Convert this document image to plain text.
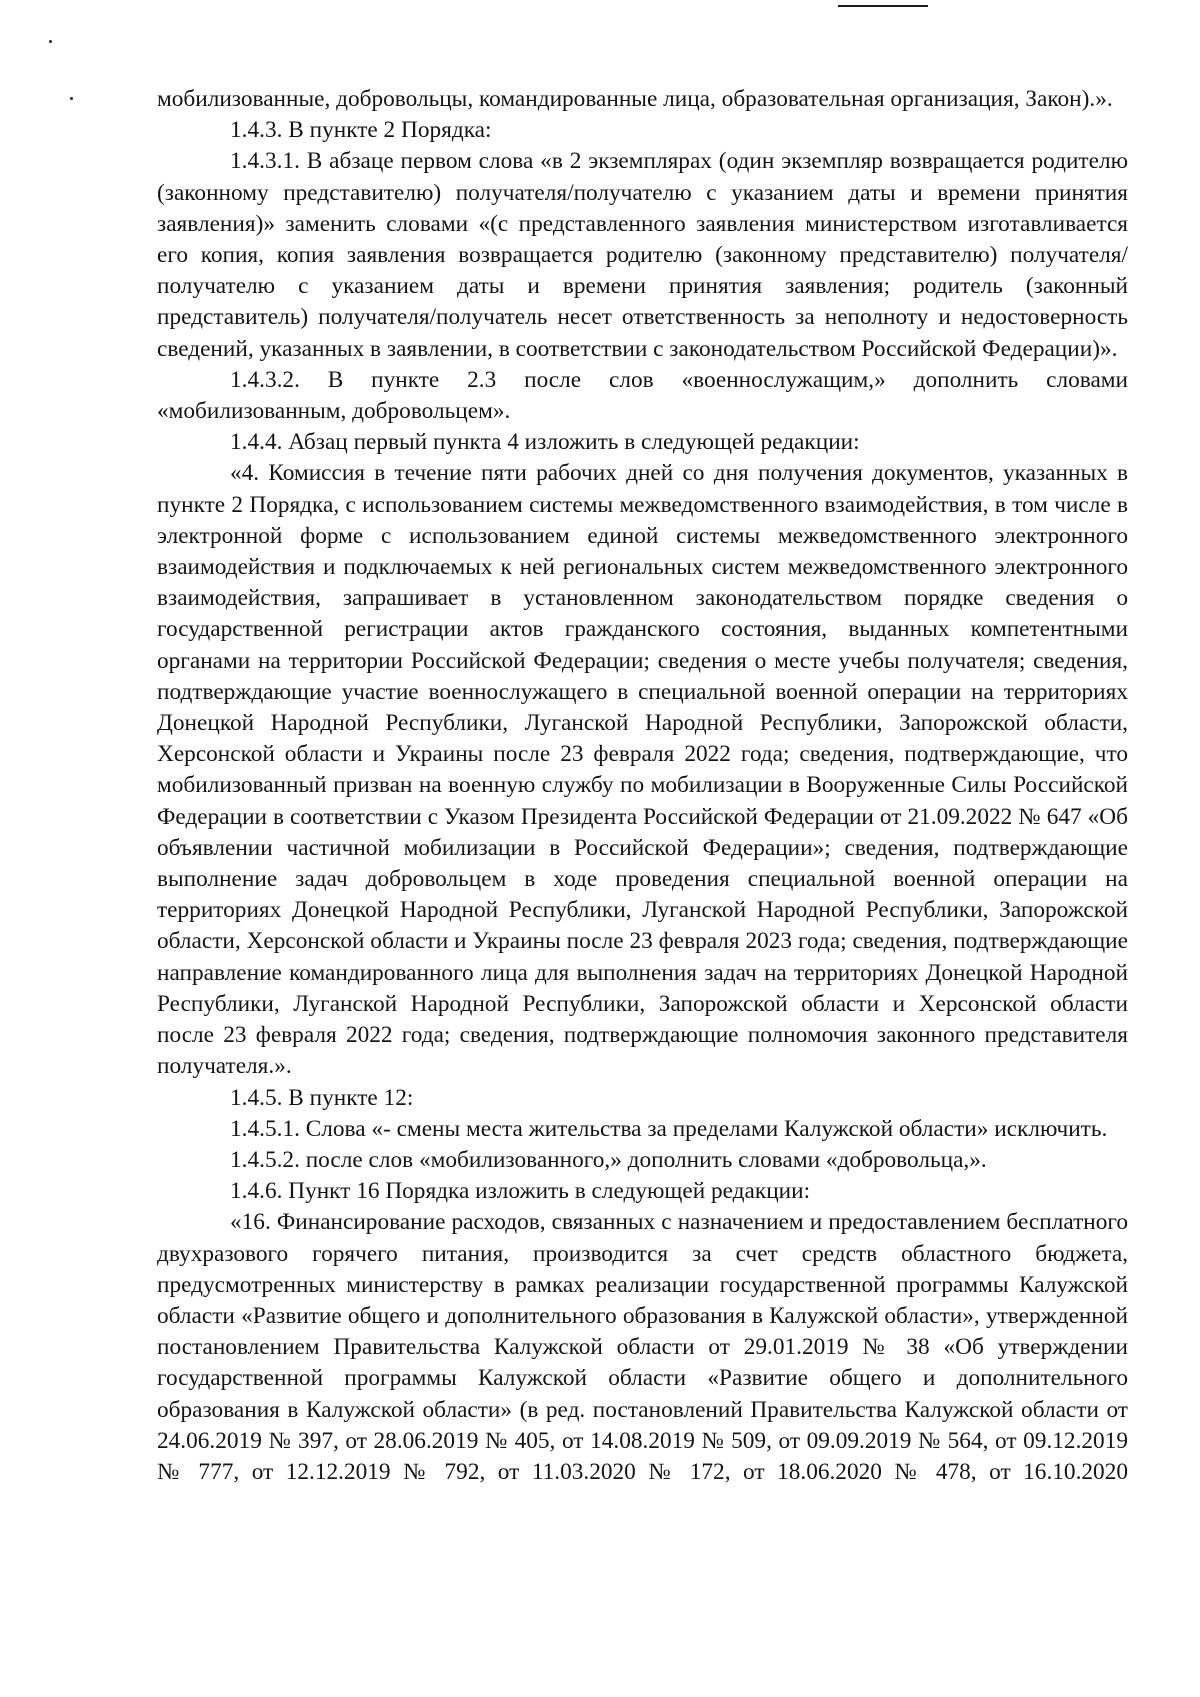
мобилизованные, добровольцы, командированные лица, образовательная организация, Закон).».

1.4.3. В пункте 2 Порядка:

1.4.3.1. В абзаце первом слова «в 2 экземплярах (один экземпляр возвращается родителю (законному представителю) получателя/получателю с указанием даты и времени принятия заявления)» заменить словами «(с представленного заявления министерством изготавливается его копия, копия заявления возвращается родителю (законному представителю) получателя/получателю с указанием даты и времени принятия заявления; родитель (законный представитель) получателя/получатель несет ответственность за неполноту и недостоверность сведений, указанных в заявлении, в соответствии с законодательством Российской Федерации)».

1.4.3.2. В пункте 2.3 после слов «военнослужащим,» дополнить словами «мобилизованным, добровольцем».

1.4.4. Абзац первый пункта 4 изложить в следующей редакции:

«4. Комиссия в течение пяти рабочих дней со дня получения документов, указанных в пункте 2 Порядка, с использованием системы межведомственного взаимодействия, в том числе в электронной форме с использованием единой системы межведомственного электронного взаимодействия и подключаемых к ней региональных систем межведомственного электронного взаимодействия, запрашивает в установленном законодательством порядке сведения о государственной регистрации актов гражданского состояния, выданных компетентными органами на территории Российской Федерации; сведения о месте учебы получателя; сведения, подтверждающие участие военнослужащего в специальной военной операции на территориях Донецкой Народной Республики, Луганской Народной Республики, Запорожской области, Херсонской области и Украины после 23 февраля 2022 года; сведения, подтверждающие, что мобилизованный призван на военную службу по мобилизации в Вооруженные Силы Российской Федерации в соответствии с Указом Президента Российской Федерации от 21.09.2022 № 647 «Об объявлении частичной мобилизации в Российской Федерации»; сведения, подтверждающие выполнение задач добровольцем в ходе проведения специальной военной операции на территориях Донецкой Народной Республики, Луганской Народной Республики, Запорожской области, Херсонской области и Украины после 23 февраля 2023 года; сведения, подтверждающие направление командированного лица для выполнения задач на территориях Донецкой Народной Республики, Луганской Народной Республики, Запорожской области и Херсонской области после 23 февраля 2022 года; сведения, подтверждающие полномочия законного представителя получателя.».

1.4.5. В пункте 12:

1.4.5.1. Слова «- смены места жительства за пределами Калужской области» исключить.

1.4.5.2. после слов «мобилизованного,» дополнить словами «добровольца,».

1.4.6. Пункт 16 Порядка изложить в следующей редакции:

«16. Финансирование расходов, связанных с назначением и предоставлением бесплатного двухразового горячего питания, производится за счет средств областного бюджета, предусмотренных министерству в рамках реализации государственной программы Калужской области «Развитие общего и дополнительного образования в Калужской области», утвержденной постановлением Правительства Калужской области от 29.01.2019 № 38 «Об утверждении государственной программы Калужской области «Развитие общего и дополнительного образования в Калужской области» (в ред. постановлений Правительства Калужской области от 24.06.2019 № 397, от 28.06.2019 № 405, от 14.08.2019 № 509, от 09.09.2019 № 564, от 09.12.2019 № 777, от 12.12.2019 № 792, от 11.03.2020 № 172, от 18.06.2020 № 478, от 16.10.2020
